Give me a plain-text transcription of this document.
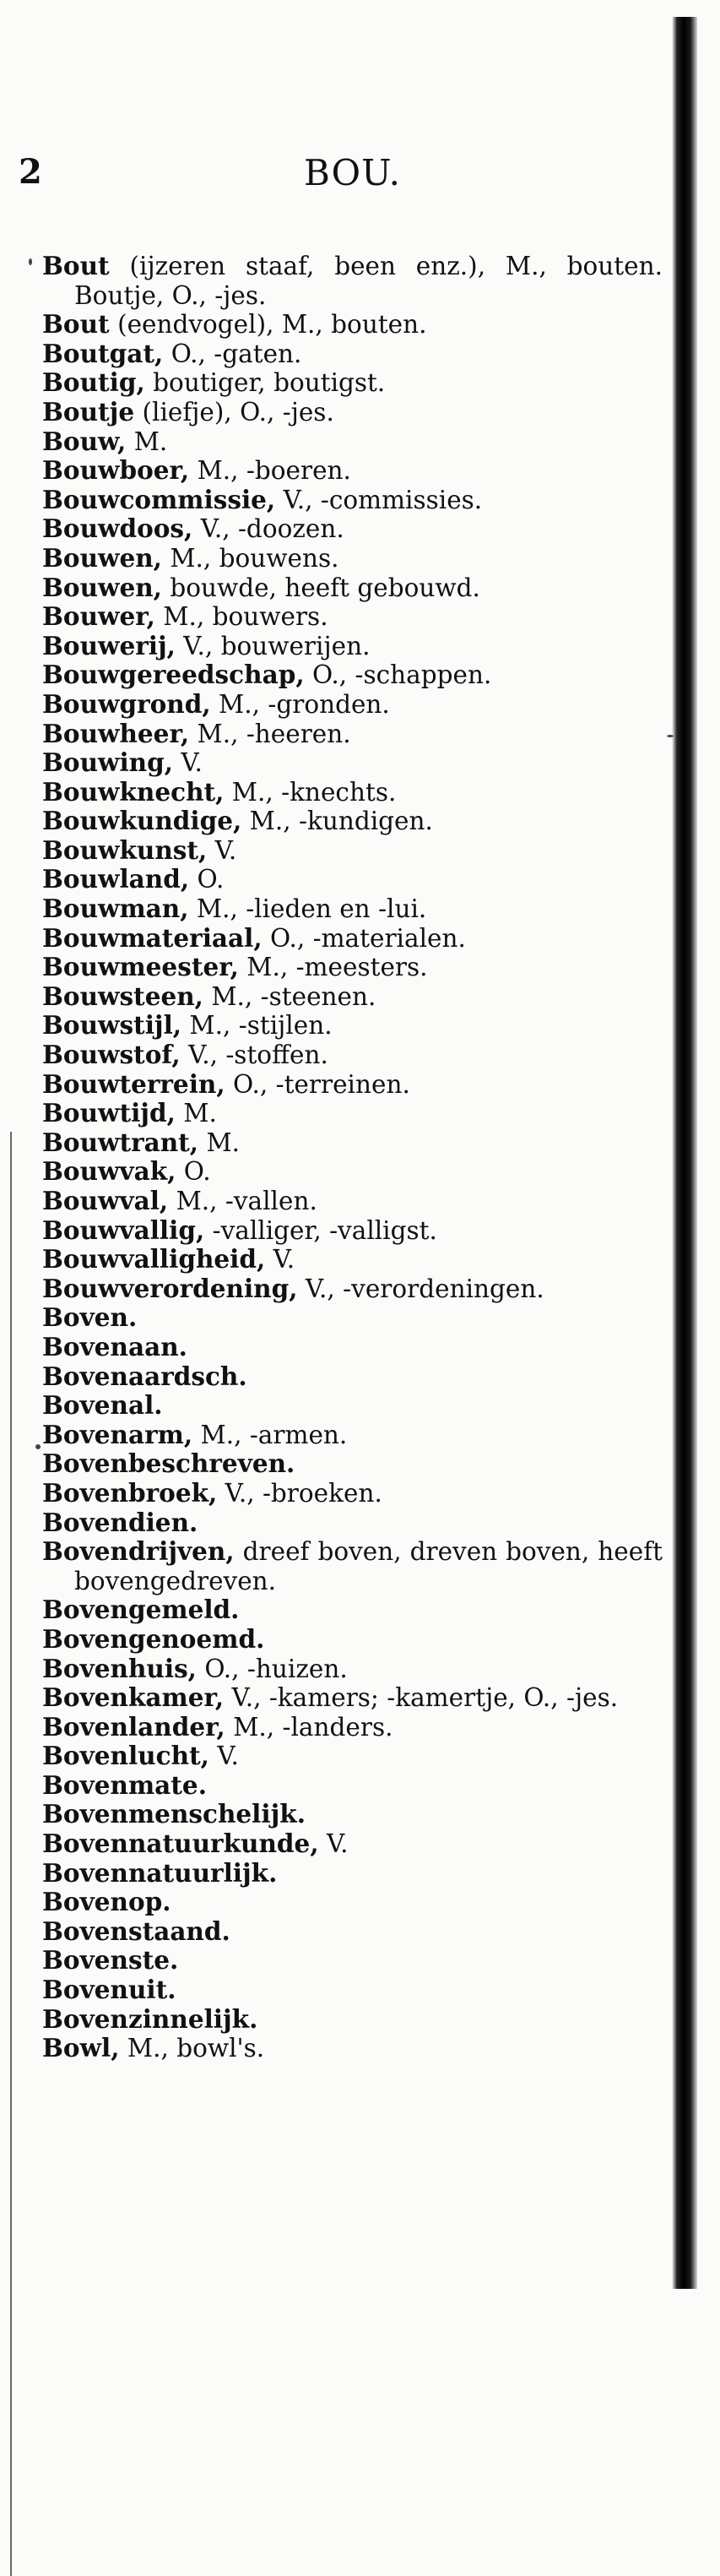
2	BOU.
Bout (ijzeren staaf, been enz.), M., bouten. Boutje, O., -jes.
Bout (eendvogel), M., bouten.
Boutgat, O., -gaten.
Boutig, boutiger, boutigst.
Boutje (liefje), O., -jes.
Bouw, M.
Bouwboer, M., -boeren.
Bouwcommissie, V., -commissies.
Bouwdoos, V., -doozen.
Bouwen, M., bouwens.
Bouwen, bouwde, heeft gebouwd.
Bouwer, M., bouwers.
Bouwerij, V., bouwerijen.
Bouwgereedschap, O., -schappen.
Bouwgrond, M., -gronden.
Bouwheer, M., -heeren.
Bouwing, V.
Bouwknecht, M., -knechts.
Bouwkundige, M., -kundigen.
Bouwkunst, V.
Bouwland, O.
Bouwman, M., -lieden en -lui.
Bouwmateriaal, O., -materialen.
Bouwmeester, M., -meesters.
Bouwsteen, M., -steenen.
Bouwstijl, M., -stijlen.
Bouwstof, V., -stoffen.
Bouwterrein, O., -terreinen.
Bouwtijd, M.
Bouwtrant, M.
Bouwvak, O.
Bouwval, M., -vallen.
Bouwvallig, -valliger, -valligst.
Bouwvalligheid, V.
Bouwverordening, V., -verordeningen.
Boven.
Bovenaan.
Bovenaardsch.
Bovenal.
Bovenarm, M., -armen.
Bovenbeschreven.
Bovenbroek, V., -broeken.
Bovendien.
Bovendrijven, dreef boven, dreven boven, heeft bovengedreven.
Bovengemeld.
Bovengenoemd.
Bovenhuis, O., -huizen.
Bovenkamer, V., -kamers; -kamertje, O., -jes.
Bovenlander, M., -landers.
Bovenlucht, V.
Bovenmate.
Bovenmenschelijk.
Bovennatuurkunde, V.
Bovennatuurlijk.
Bovenop.
Bovenstaand.
Bovenste.
Bovenuit.
Bovenzinnelijk.
Bowl, M., bowl's.
